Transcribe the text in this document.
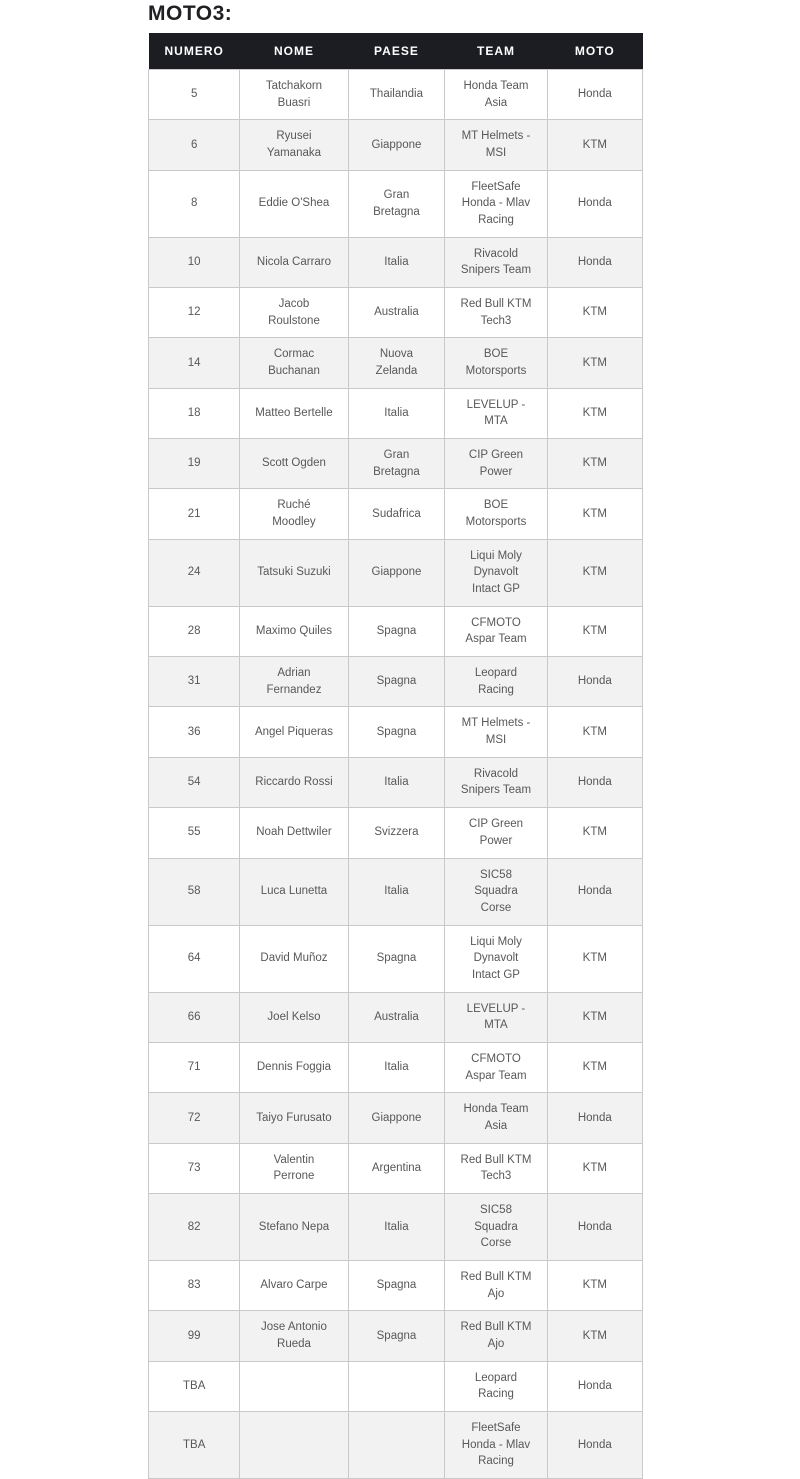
MOTO3:
NUMERO	NOME	PAESE	TEAM	MOTO
5	Tatchakorn Buasri	Thailandia	Honda Team Asia	Honda
6	Ryusei Yamanaka	Giappone	MT Helmets - MSI	KTM
8	Eddie O'Shea	Gran Bretagna	FleetSafe Honda - Mlav Racing	Honda
10	Nicola Carraro	Italia	Rivacold Snipers Team	Honda
12	Jacob Roulstone	Australia	Red Bull KTM Tech3	KTM
14	Cormac Buchanan	Nuova Zelanda	BOE Motorsports	KTM
18	Matteo Bertelle	Italia	LEVELUP - MTA	KTM
19	Scott Ogden	Gran Bretagna	CIP Green Power	KTM
21	Ruché Moodley	Sudafrica	BOE Motorsports	KTM
24	Tatsuki Suzuki	Giappone	Liqui Moly Dynavolt Intact GP	KTM
28	Maximo Quiles	Spagna	CFMOTO Aspar Team	KTM
31	Adrian Fernandez	Spagna	Leopard Racing	Honda
36	Angel Piqueras	Spagna	MT Helmets - MSI	KTM
54	Riccardo Rossi	Italia	Rivacold Snipers Team	Honda
55	Noah Dettwiler	Svizzera	CIP Green Power	KTM
58	Luca Lunetta	Italia	SIC58 Squadra Corse	Honda
64	David Muñoz	Spagna	Liqui Moly Dynavolt Intact GP	KTM
66	Joel Kelso	Australia	LEVELUP - MTA	KTM
71	Dennis Foggia	Italia	CFMOTO Aspar Team	KTM
72	Taiyo Furusato	Giappone	Honda Team Asia	Honda
73	Valentin Perrone	Argentina	Red Bull KTM Tech3	KTM
82	Stefano Nepa	Italia	SIC58 Squadra Corse	Honda
83	Alvaro Carpe	Spagna	Red Bull KTM Ajo	KTM
99	Jose Antonio Rueda	Spagna	Red Bull KTM Ajo	KTM
TBA			Leopard Racing	Honda
TBA			FleetSafe Honda - Mlav Racing	Honda
